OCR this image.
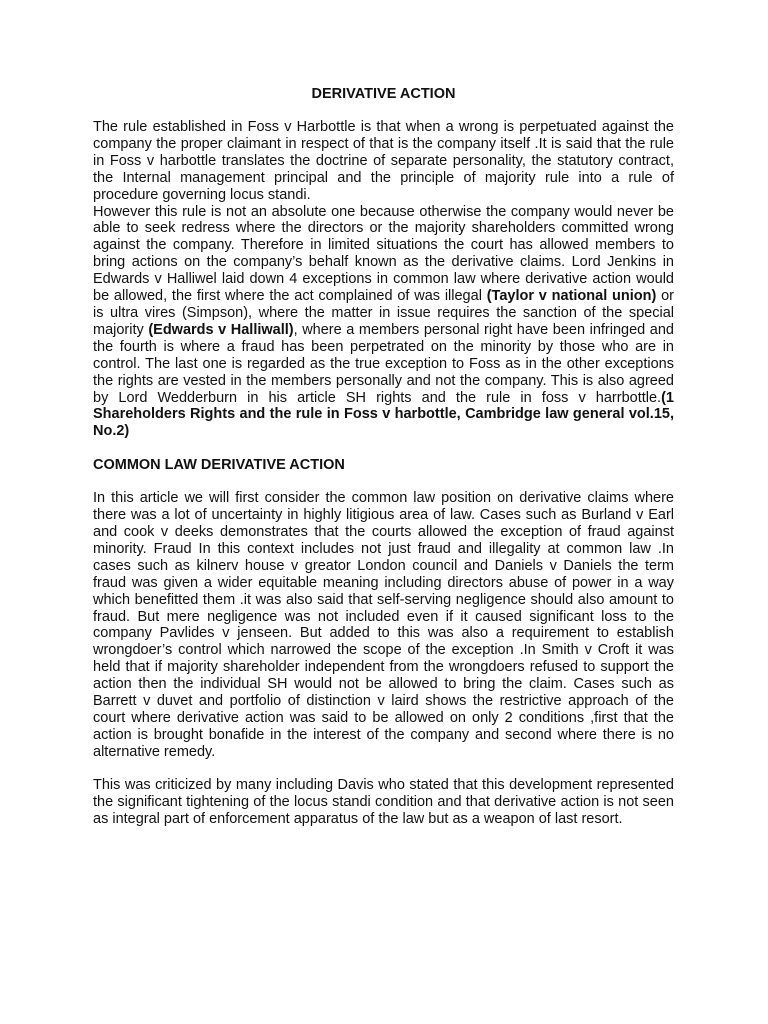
DERIVATIVE ACTION

The rule established in Foss v Harbottle is that when a wrong is perpetuated against the company the proper claimant in respect of that is the company itself .It is said that the rule in Foss v harbottle translates the doctrine of separate personality, the statutory contract, the Internal management principal and the principle of majority rule into a rule of procedure governing locus standi.

However this rule is not an absolute one because otherwise the company would never be able to seek redress where the directors or the majority shareholders committed wrong against the company. Therefore in limited situations the court has allowed members to bring actions on the company’s behalf known as the derivative claims. Lord Jenkins in Edwards v Halliwel laid down 4 exceptions in common law where derivative action would be allowed, the first where the act complained of was illegal (Taylor v national union) or is ultra vires (Simpson), where the matter in issue requires the sanction of the special majority (Edwards v Halliwall), where a members personal right have been infringed and the fourth is where a fraud has been perpetrated on the minority by those who are in control. The last one is regarded as the true exception to Foss as in the other exceptions the rights are vested in the members personally and not the company. This is also agreed by Lord Wedderburn in his article SH rights and the rule in foss v harrbottle.(1 Shareholders Rights and the rule in Foss v harbottle, Cambridge law general vol.15, No.2)

COMMON LAW DERIVATIVE ACTION

In this article we will first consider the common law position on derivative claims where there was a lot of uncertainty in highly litigious area of law. Cases such as Burland v Earl and cook v deeks demonstrates that the courts allowed the exception of fraud against minority. Fraud In this context includes not just fraud and illegality at common law .In cases such as kilnerv house v greator London council and Daniels v Daniels the term fraud was given a wider equitable meaning including directors abuse of power in a way which benefitted them .it was also said that self-serving negligence should also amount to fraud. But mere negligence was not included even if it caused significant loss to the company Pavlides v jenseen. But added to this was also a requirement to establish wrongdoer’s control which narrowed the scope of the exception .In Smith v Croft it was held that if majority shareholder independent from the wrongdoers refused to support the action then the individual SH would not be allowed to bring the claim. Cases such as Barrett v duvet and portfolio of distinction v laird shows the restrictive approach of the court where derivative action was said to be allowed on only 2 conditions ,first that the action is brought bonafide in the interest of the company and second where there is no alternative remedy.

This was criticized by many including Davis who stated that this development represented the significant tightening of the locus standi condition and that derivative action is not seen as integral part of enforcement apparatus of the law but as a weapon of last resort.
